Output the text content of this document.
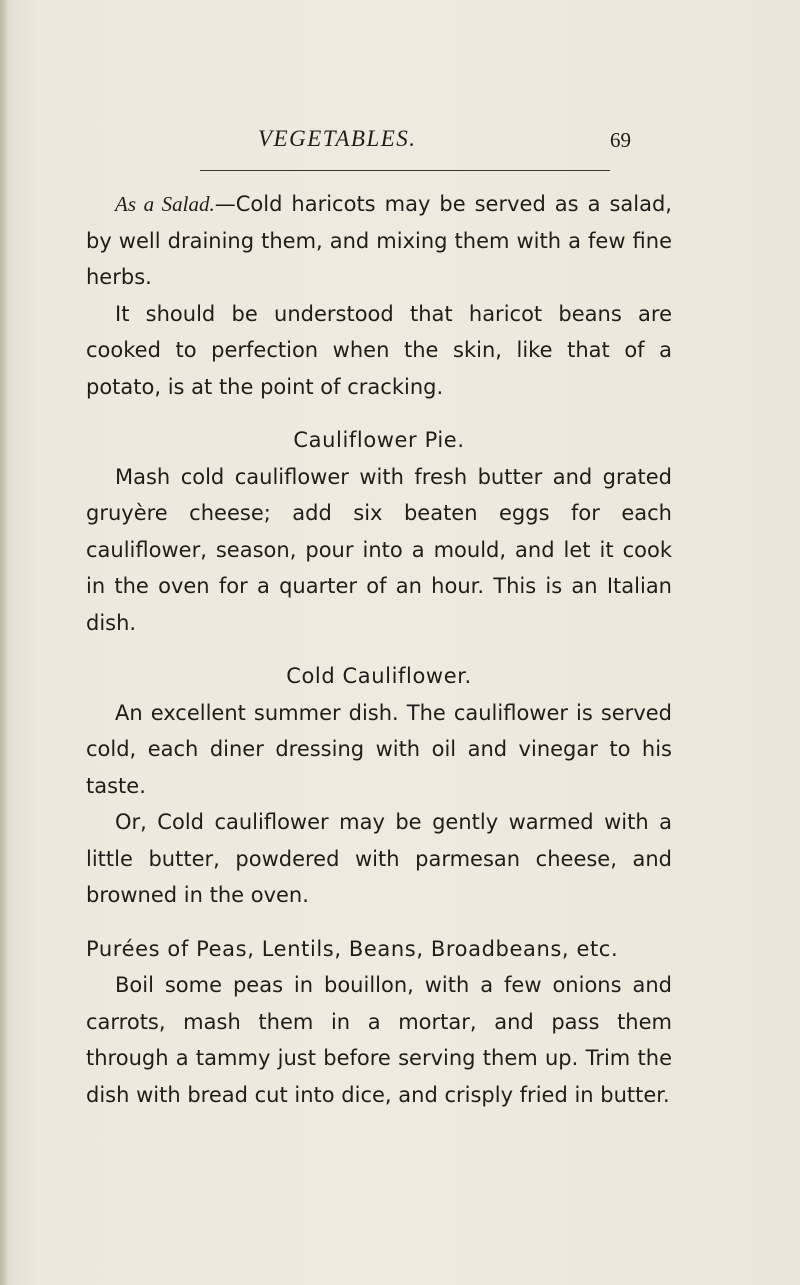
VEGETABLES.	69

As a Salad.—Cold haricots may be served as a salad, by well draining them, and mixing them with a few fine herbs.

It should be understood that haricot beans are cooked to perfection when the skin, like that of a potato, is at the point of cracking.

Cauliflower Pie.

Mash cold cauliflower with fresh butter and grated gruyère cheese; add six beaten eggs for each cauliflower, season, pour into a mould, and let it cook in the oven for a quarter of an hour. This is an Italian dish.

Cold Cauliflower.

An excellent summer dish. The cauliflower is served cold, each diner dressing with oil and vinegar to his taste.

Or, Cold cauliflower may be gently warmed with a little butter, powdered with parmesan cheese, and browned in the oven.

Purées of Peas, Lentils, Beans, Broadbeans, etc.

Boil some peas in bouillon, with a few onions and carrots, mash them in a mortar, and pass them through a tammy just before serving them up. Trim the dish with bread cut into dice, and crisply fried in butter.
